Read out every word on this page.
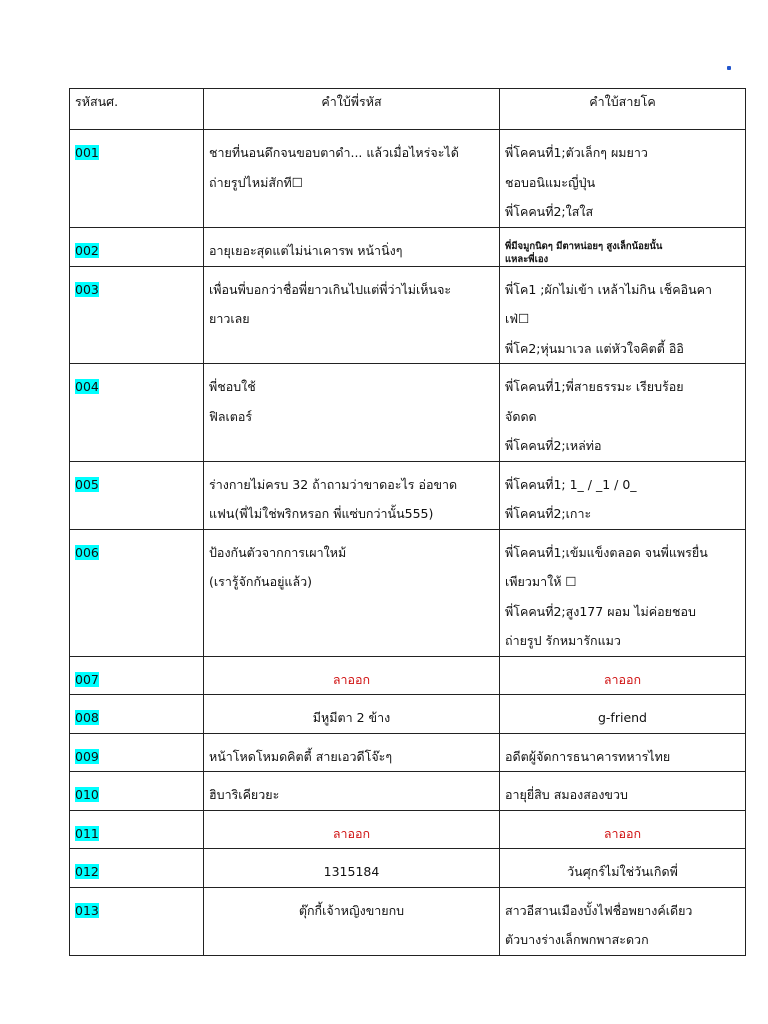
รหัสนศ.	คำใบ้พี่รหัส	คำใบ้สายโค
001	ชายที่นอนดึกจนขอบตาดำ... แล้วเมื่อไหร่จะได้
ถ่ายรูปไหม่สักที☐	พี่โคคนที่1;ตัวเล็กๆ ผมยาว
ชอบอนิแมะญี่ปุ่น
พี่โคคนที่2;ใสใส

002	อายุเยอะสุดแต่ไม่น่าเคารพ หน้านิ่งๆ	พี่มีจมูกนิดๆ มีตาหน่อยๆ สูงเล็กน้อยนั้น
แหละพี่เอง

003	เพื่อนพี่บอกว่าชื่อพี่ยาวเกินไปแต่พี่ว่าไม่เห็นจะ
ยาวเลย	พี่โค1 ;ผักไม่เข้า เหล้าไม่กิน เช็คอินคา
เฟ่☐
พี่โค2;หุ่นมาเวล แต่หัวใจคิตตี้ อิอิ

004	พี่ชอบใช้
ฟิลเตอร์	พี่โคคนที่1;พี่สายธรรมะ เรียบร้อย
จัดดด
พี่โคคนที่2;เหล่ท่อ

005	ร่างกายไม่ครบ 32 ถ้าถามว่าขาดอะไร อ่อขาด
แฟน(พี่ไม่ใช่พริกหรอก พี่แซ่บกว่านั้น555)	พี่โคคนที่1; 1_ / _1 / 0_
พี่โคคนที่2;เกาะ

006	ป้องกันตัวจากการเผาใหม้
(เรารู้จักกันอยู่แล้ว)	พี่โคคนที่1;เข้มแข็งตลอด จนพี่แพรยื่น
เพียวมาให้ ☐
พี่โคคนที่2;สูง177 ผอม ไม่ค่อยชอบ
ถ่ายรูป รักหมารักแมว

007	ลาออก	ลาออก
008	มีหูมีตา 2 ข้าง	g-friend
009	หน้าโหดโหมดคิตตี้ สายเอวดีโจ๊ะๆ	อดีตผู้จัดการธนาคารทหารไทย

010	ฮิบาริเคียวยะ	อายุยี่สิบ สมองสองขวบ

011	ลาออก	ลาออก
012	1315184	วันศุกร์ไม่ใช่วันเกิดพี่
013	ตุ๊กกี้เจ้าหญิงขายกบ	สาวอีสานเมืองบั้งไฟชื่อพยางค์เดียว
ตัวบางร่างเล็กพกพาสะดวก
